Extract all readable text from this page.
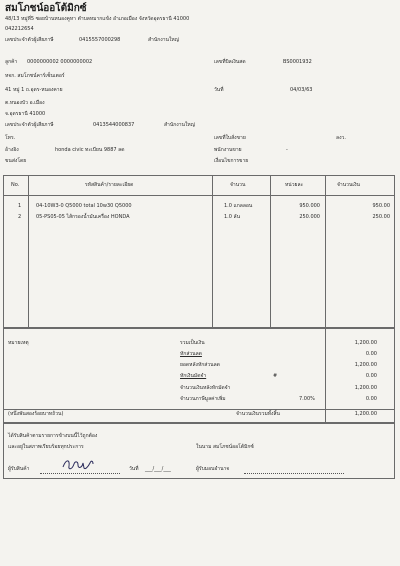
สมโภชน์ออโต้มิกซ์
48/13 หมู่ที่5 ซอยบ้านหนองคูหา ตำบลหมากแข้ง อำเภอเมือง จังหวัดอุดรธานี 41000
042212654
เลขประจำตัวผู้เสียภาษี	0415557000298	สำนักงานใหญ่
ลูกค้า 0000000002 0000000002	เลขที่บิลเงินสด	BS0001932
หจก. สมโภชน์คาร์เซ็นเตอร์
41 หมู่ 1 ถ.อุดร-หนองคาย	วันที่	04/03/63
ต.หนองบัว อ.เมือง
จ.อุดรธานี 41000
เลขประจำตัวผู้เสียภาษี	0413544000837	สำนักงานใหญ่
โทร.	เลขที่ใบสั่งขาย	ลงว.
อ้างอิง	honda civic ทะเบียน 9887 ลด	พนักงานขาย	-
ขนส่งโดย	เงื่อนไขการขาย
No.	รหัสสินค้า/รายละเอียด	จำนวน	หน่วยละ	จำนวนเงิน
1	04-10W3-0 Q5000 total 10w30 Q5000	1.0 แกลลอน	950.000	950.00
2	05-PS05-05 ไส้กรองน้ำมันเครื่อง HONDA	1.0 ลัน	250.000	250.00
หมายเหตุ	รวมเป็นเงิน	1,200.00
หักส่วนลด	0.00
ยอดหลังหักส่วนลด	1,200.00
หักเงินมัดจำ	#	0.00
จำนวนเงินหลังหักมัดจำ	1,200.00
จำนวนภาษีมูลค่าเพิ่ม	7.00%	0.00
(หนึ่งพันสองร้อยบาทถ้วน)	จำนวนเงินรวมทั้งสิ้น	1,200.00
ได้รับสินค้าตามรายการข้างบนนี้ไว้ถูกต้อง
และอยู่ในสภาพเรียบร้อยทุกประการ	ในนาม สมโภชน์ออโต้มิกซ์
ผู้รับสินค้า	วันที่ ___/___/___	ผู้รับมอบอำนาจ
